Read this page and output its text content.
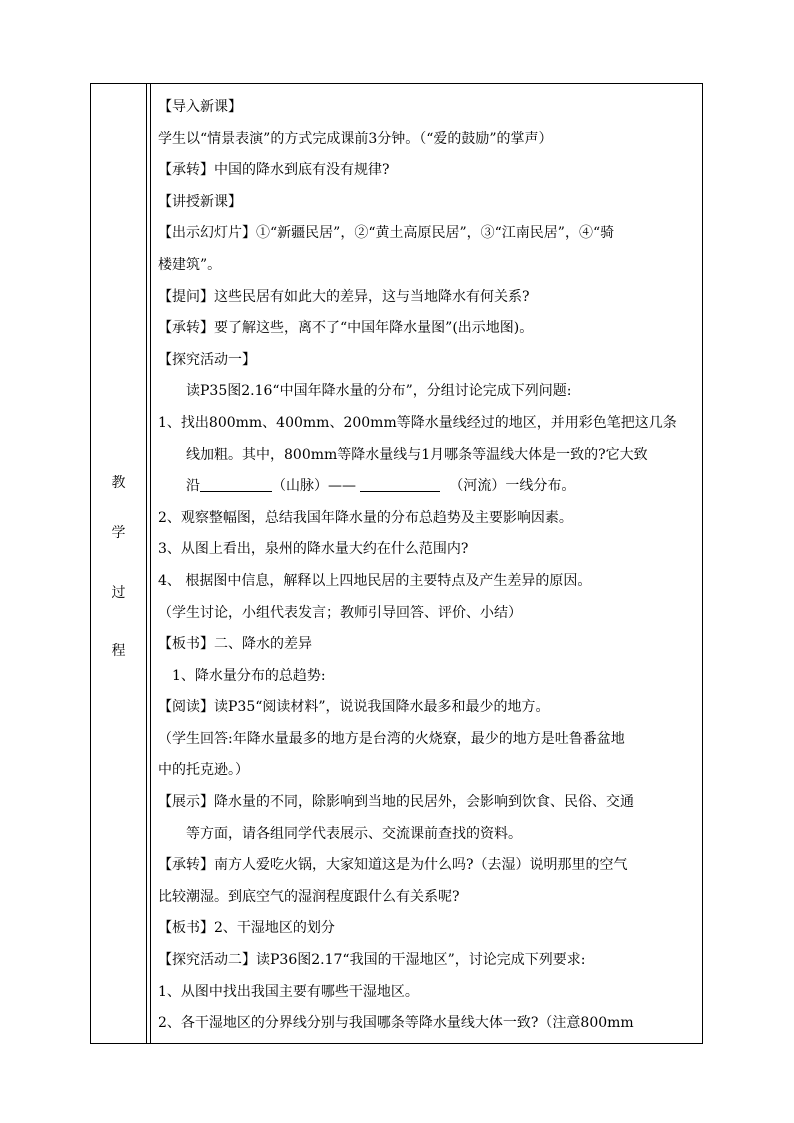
教
学
过
程
【导入新课】
学生以“情景表演”的方式完成课前3分钟。（“爱的鼓励”的掌声）
【承转】中国的降水到底有没有规律?
【讲授新课】
【出示幻灯片】①“新疆民居”，②“黄土高原民居”，③“江南民居”，④“骑
楼建筑”。
【提问】这些民居有如此大的差异，这与当地降水有何关系?
【承转】要了解这些，离不了“中国年降水量图”(出示地图)。
【探究活动一】
读P35图2.16“中国年降水量的分布”，分组讨论完成下列问题:
1、找出800mm、400mm、200mm等降水量线经过的地区，并用彩色笔把这几条
线加粗。其中，800mm等降水量线与1月哪条等温线大体是一致的?它大致
沿	（山脉）——	（河流）一线分布。
2、观察整幅图，总结我国年降水量的分布总趋势及主要影响因素。
3、从图上看出，泉州的降水量大约在什么范围内?
4、 根据图中信息，解释以上四地民居的主要特点及产生差异的原因。
（学生讨论，小组代表发言；教师引导回答、评价、小结）
【板书】二、降水的差异
1、降水量分布的总趋势:
【阅读】读P35“阅读材料”，说说我国降水最多和最少的地方。
（学生回答:年降水量最多的地方是台湾的火烧寮，最少的地方是吐鲁番盆地
中的托克逊。）
【展示】降水量的不同，除影响到当地的民居外，会影响到饮食、民俗、交通
等方面，请各组同学代表展示、交流课前查找的资料。
【承转】南方人爱吃火锅，大家知道这是为什么吗?（去湿）说明那里的空气
比较潮湿。到底空气的湿润程度跟什么有关系呢?
【板书】2、干湿地区的划分
【探究活动二】读P36图2.17“我国的干湿地区”，讨论完成下列要求:
1、从图中找出我国主要有哪些干湿地区。
2、各干湿地区的分界线分别与我国哪条等降水量线大体一致?（注意800mm
